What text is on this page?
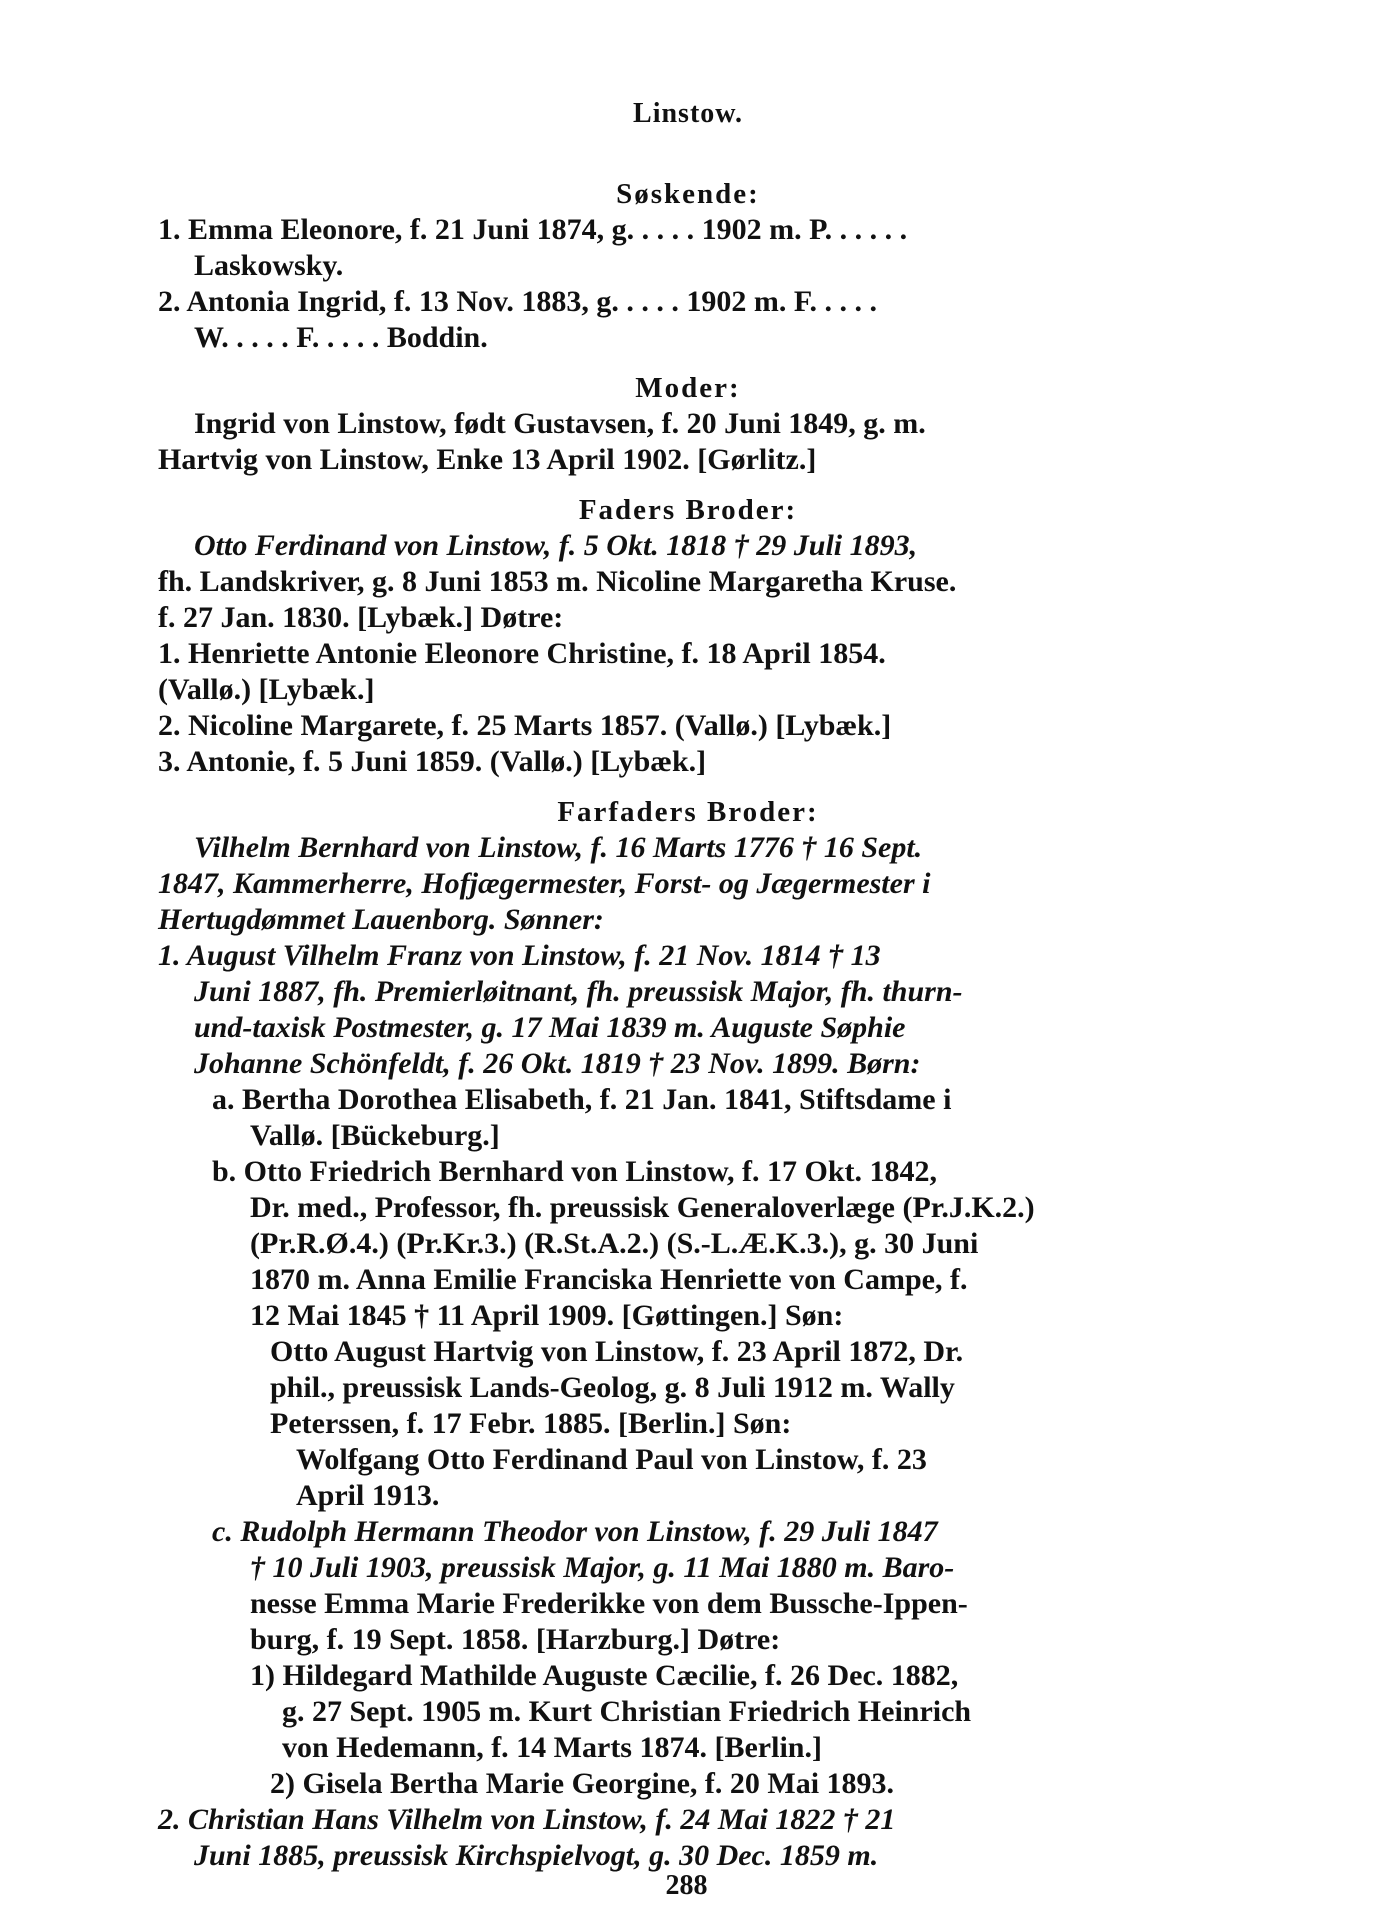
Linstow.
Søskende:
1. Emma Eleonore, f. 21 Juni 1874, g. . . . . 1902 m. P. . . . . .
Laskowsky.
2. Antonia Ingrid, f. 13 Nov. 1883, g. . . . . 1902 m. F. . . . .
W. . . . . F. . . . . Boddin.
Moder:
Ingrid von Linstow, født Gustavsen, f. 20 Juni 1849, g. m.
Hartvig von Linstow, Enke 13 April 1902. [Gørlitz.]
Faders Broder:
Otto Ferdinand von Linstow, f. 5 Okt. 1818 † 29 Juli 1893,
fh. Landskriver, g. 8 Juni 1853 m. Nicoline Margaretha Kruse.
f. 27 Jan. 1830. [Lybæk.] Døtre:
1. Henriette Antonie Eleonore Christine, f. 18 April 1854.
(Vallø.) [Lybæk.]
2. Nicoline Margarete, f. 25 Marts 1857. (Vallø.) [Lybæk.]
3. Antonie, f. 5 Juni 1859. (Vallø.) [Lybæk.]
Farfaders Broder:
Vilhelm Bernhard von Linstow, f. 16 Marts 1776 † 16 Sept.
1847, Kammerherre, Hofjægermester, Forst- og Jægermester i
Hertugdømmet Lauenborg. Sønner:
1. August Vilhelm Franz von Linstow, f. 21 Nov. 1814 † 13
Juni 1887, fh. Premierløitnant, fh. preussisk Major, fh. thurn-
und-taxisk Postmester, g. 17 Mai 1839 m. Auguste Søphie
Johanne Schönfeldt, f. 26 Okt. 1819 † 23 Nov. 1899. Børn:
a. Bertha Dorothea Elisabeth, f. 21 Jan. 1841, Stiftsdame i
Vallø. [Bückeburg.]
b. Otto Friedrich Bernhard von Linstow, f. 17 Okt. 1842,
Dr. med., Professor, fh. preussisk Generaloverlæge (Pr.J.K.2.)
(Pr.R.Ø.4.) (Pr.Kr.3.) (R.St.A.2.) (S.-L.Æ.K.3.), g. 30 Juni
1870 m. Anna Emilie Franciska Henriette von Campe, f.
12 Mai 1845 † 11 April 1909. [Gøttingen.] Søn:
Otto August Hartvig von Linstow, f. 23 April 1872, Dr.
phil., preussisk Lands-Geolog, g. 8 Juli 1912 m. Wally
Peterssen, f. 17 Febr. 1885. [Berlin.] Søn:
Wolfgang Otto Ferdinand Paul von Linstow, f. 23
April 1913.
c. Rudolph Hermann Theodor von Linstow, f. 29 Juli 1847
† 10 Juli 1903, preussisk Major, g. 11 Mai 1880 m. Baro-
nesse Emma Marie Frederikke von dem Bussche-Ippen-
burg, f. 19 Sept. 1858. [Harzburg.] Døtre:
1) Hildegard Mathilde Auguste Cæcilie, f. 26 Dec. 1882,
g. 27 Sept. 1905 m. Kurt Christian Friedrich Heinrich
von Hedemann, f. 14 Marts 1874. [Berlin.]
2) Gisela Bertha Marie Georgine, f. 20 Mai 1893.
2. Christian Hans Vilhelm von Linstow, f. 24 Mai 1822 † 21
Juni 1885, preussisk Kirchspielvogt, g. 30 Dec. 1859 m.
288
